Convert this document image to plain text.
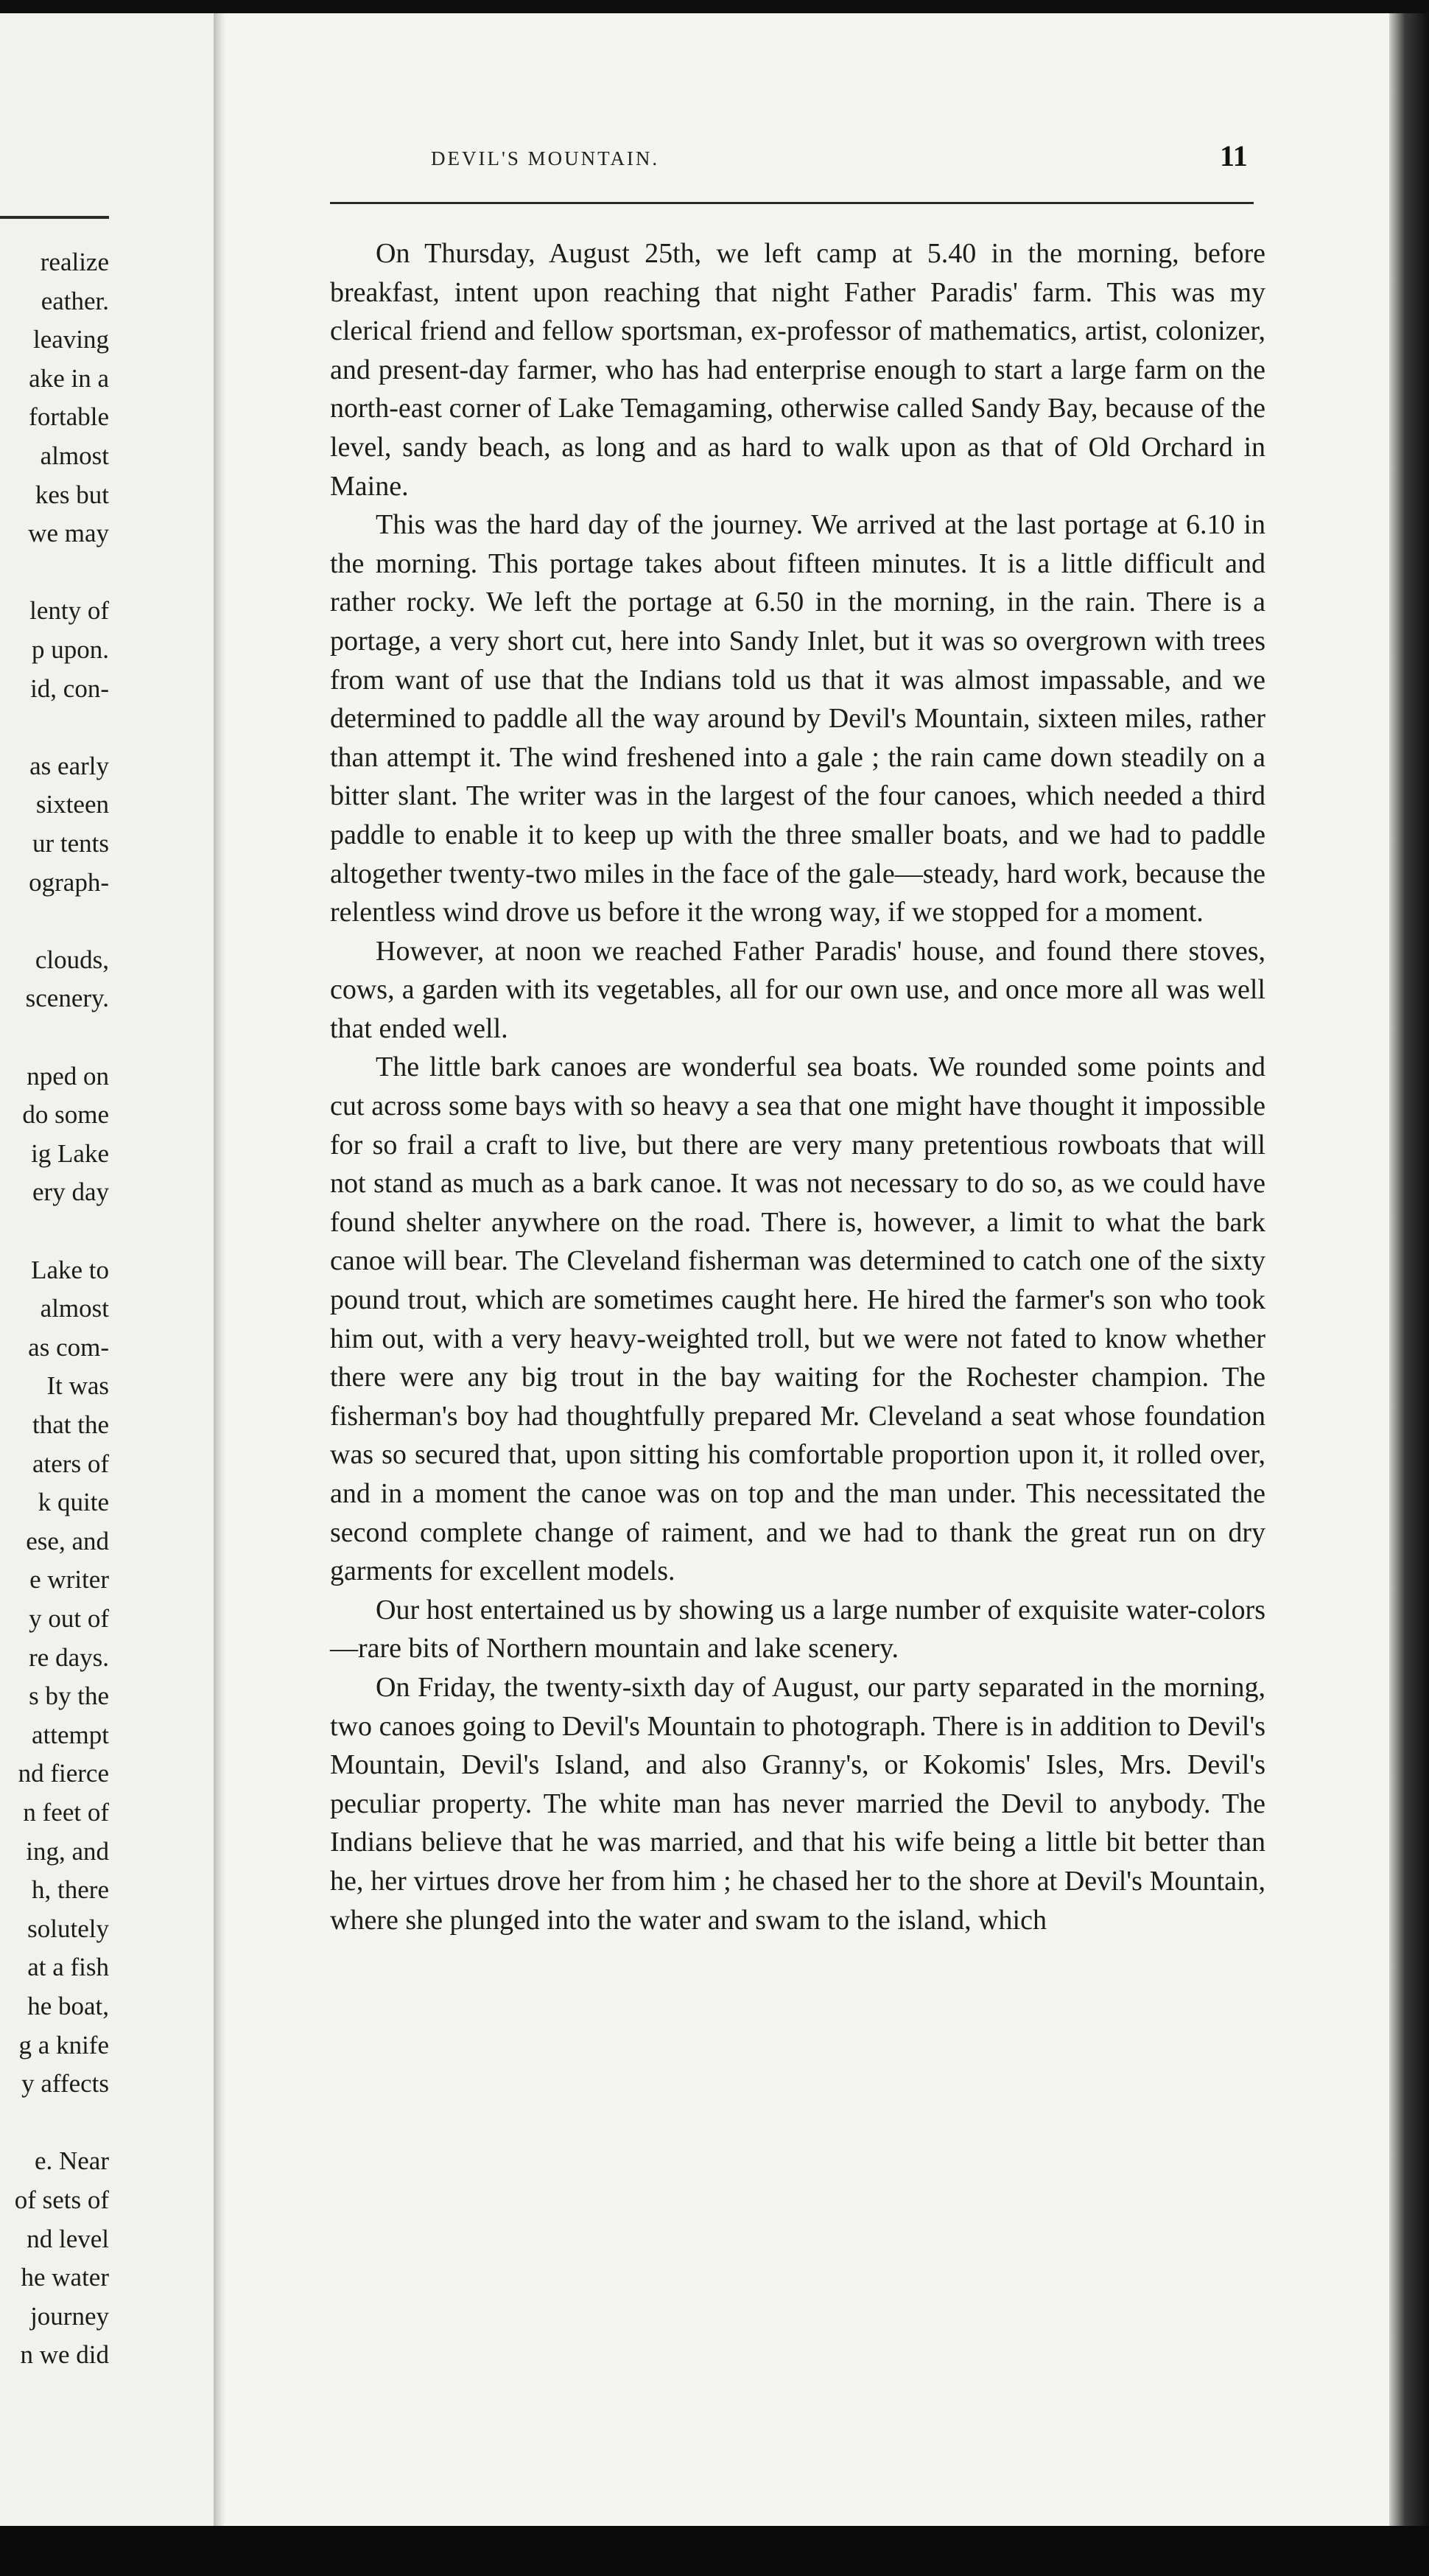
realize
eather.
leaving
ake in a
fortable
almost
kes but
we may
lenty of
p upon.
id, con-
as early
sixteen
ur tents
ograph-
clouds,
scenery.
nped on
do some
ig Lake
ery day
Lake to
almost
as com-
It was
that the
aters of
k quite
ese, and
e writer
y out of
re days.
s by the
attempt
nd fierce
n feet of
ing, and
h, there
solutely
at a fish
he boat,
g a knife
y affects
e. Near
of sets of
nd level
he water
journey
n we did
DEVIL'S MOUNTAIN.	11

On Thursday, August 25th, we left camp at 5.40 in the morning, before breakfast, intent upon reaching that night Father Paradis' farm. This was my clerical friend and fellow sportsman, ex-professor of mathematics, artist, colonizer, and present-day farmer, who has had enterprise enough to start a large farm on the north-east corner of Lake Temagaming, otherwise called Sandy Bay, because of the level, sandy beach, as long and as hard to walk upon as that of Old Orchard in Maine.

This was the hard day of the journey. We arrived at the last portage at 6.10 in the morning. This portage takes about fifteen minutes. It is a little difficult and rather rocky. We left the portage at 6.50 in the morning, in the rain. There is a portage, a very short cut, here into Sandy Inlet, but it was so overgrown with trees from want of use that the Indians told us that it was almost impassable, and we determined to paddle all the way around by Devil's Mountain, sixteen miles, rather than attempt it. The wind freshened into a gale ; the rain came down steadily on a bitter slant. The writer was in the largest of the four canoes, which needed a third paddle to enable it to keep up with the three smaller boats, and we had to paddle altogether twenty-two miles in the face of the gale—steady, hard work, because the relentless wind drove us before it the wrong way, if we stopped for a moment.

However, at noon we reached Father Paradis' house, and found there stoves, cows, a garden with its vegetables, all for our own use, and once more all was well that ended well.

The little bark canoes are wonderful sea boats. We rounded some points and cut across some bays with so heavy a sea that one might have thought it impossible for so frail a craft to live, but there are very many pretentious rowboats that will not stand as much as a bark canoe. It was not necessary to do so, as we could have found shelter anywhere on the road. There is, however, a limit to what the bark canoe will bear. The Cleveland fisherman was determined to catch one of the sixty pound trout, which are sometimes caught here. He hired the farmer's son who took him out, with a very heavy-weighted troll, but we were not fated to know whether there were any big trout in the bay waiting for the Rochester champion. The fisherman's boy had thoughtfully prepared Mr. Cleveland a seat whose foundation was so secured that, upon sitting his comfortable proportion upon it, it rolled over, and in a moment the canoe was on top and the man under. This necessitated the second complete change of raiment, and we had to thank the great run on dry garments for excellent models.

Our host entertained us by showing us a large number of exquisite water-colors—rare bits of Northern mountain and lake scenery.

On Friday, the twenty-sixth day of August, our party separated in the morning, two canoes going to Devil's Mountain to photograph. There is in addition to Devil's Mountain, Devil's Island, and also Granny's, or Kokomis' Isles, Mrs. Devil's peculiar property. The white man has never married the Devil to anybody. The Indians believe that he was married, and that his wife being a little bit better than he, her virtues drove her from him ; he chased her to the shore at Devil's Mountain, where she plunged into the water and swam to the island, which
